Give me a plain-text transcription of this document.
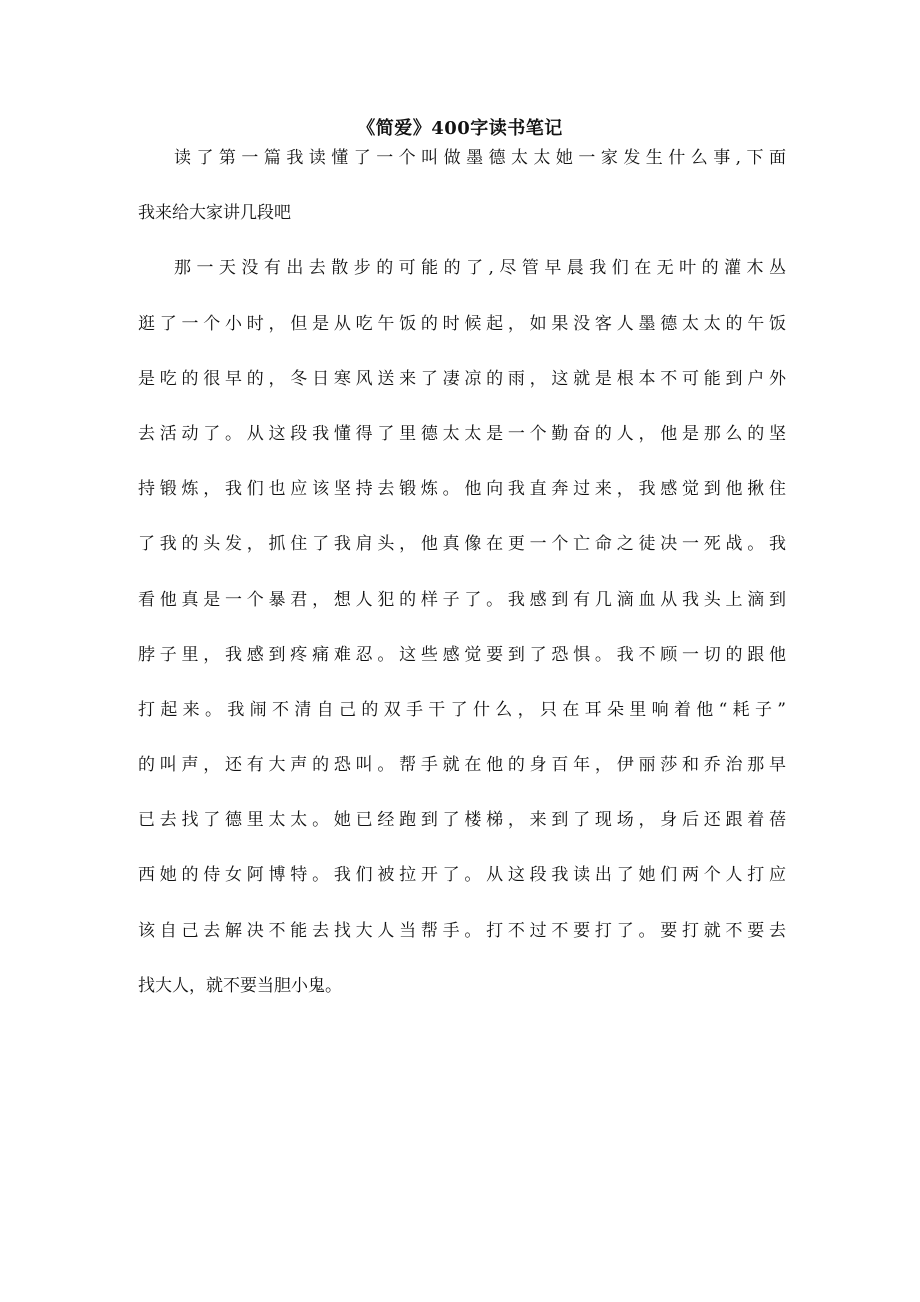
《简爱》400字读书笔记
读了第一篇我读懂了一个叫做墨德太太她一家发生什么事,下面
我来给大家讲几段吧
那一天没有出去散步的可能的了,尽管早晨我们在无叶的灌木丛
逛了一个小时，但是从吃午饭的时候起，如果没客人墨德太太的午饭
是吃的很早的，冬日寒风送来了凄凉的雨，这就是根本不可能到户外
去活动了。从这段我懂得了里德太太是一个勤奋的人，他是那么的坚
持锻炼，我们也应该坚持去锻炼。他向我直奔过来，我感觉到他揪住
了我的头发，抓住了我肩头，他真像在更一个亡命之徒决一死战。我
看他真是一个暴君，想人犯的样子了。我感到有几滴血从我头上滴到
脖子里，我感到疼痛难忍。这些感觉要到了恐惧。我不顾一切的跟他
打起来。我闹不清自己的双手干了什么，只在耳朵里响着他“耗子”
的叫声，还有大声的恐叫。帮手就在他的身百年，伊丽莎和乔治那早
已去找了德里太太。她已经跑到了楼梯，来到了现场，身后还跟着蓓
西她的侍女阿博特。我们被拉开了。从这段我读出了她们两个人打应
该自己去解决不能去找大人当帮手。打不过不要打了。要打就不要去
找大人，就不要当胆小鬼。
